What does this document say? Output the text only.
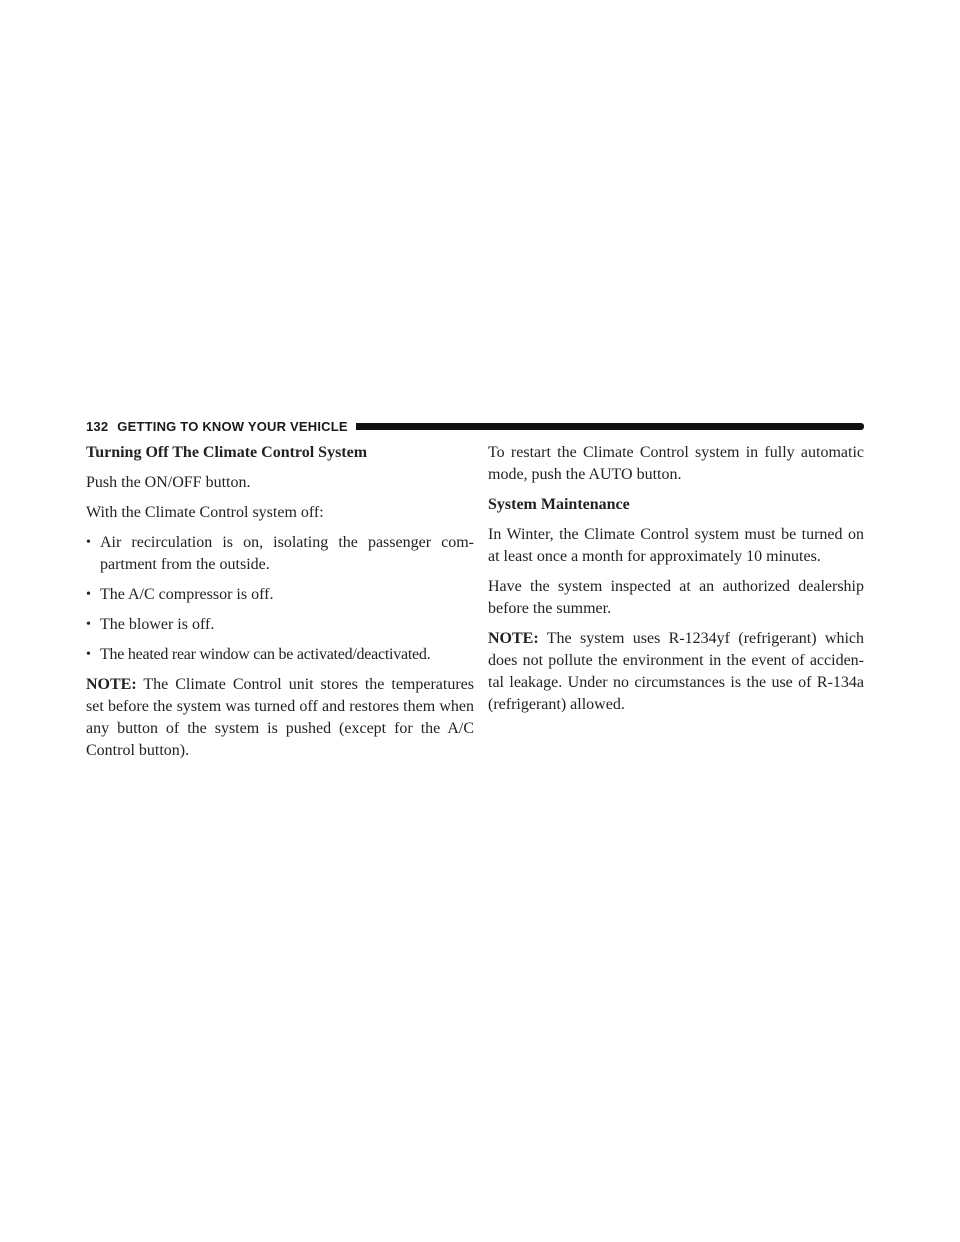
132 GETTING TO KNOW YOUR VEHICLE
Turning Off The Climate Control System

Push the ON/OFF button.

With the Climate Control system off:

• Air recirculation is on, isolating the passenger com-partment from the outside.
• The A/C compressor is off.
• The blower is off.
• The heated rear window can be activated/deactivated.

NOTE: The Climate Control unit stores the temperatures set before the system was turned off and restores them when any button of the system is pushed (except for the A/C Control button).

To restart the Climate Control system in fully automatic mode, push the AUTO button.

System Maintenance

In Winter, the Climate Control system must be turned on at least once a month for approximately 10 minutes.

Have the system inspected at an authorized dealership before the summer.

NOTE: The system uses R-1234yf (refrigerant) which does not pollute the environment in the event of acciden-tal leakage. Under no circumstances is the use of R-134a (refrigerant) allowed.
